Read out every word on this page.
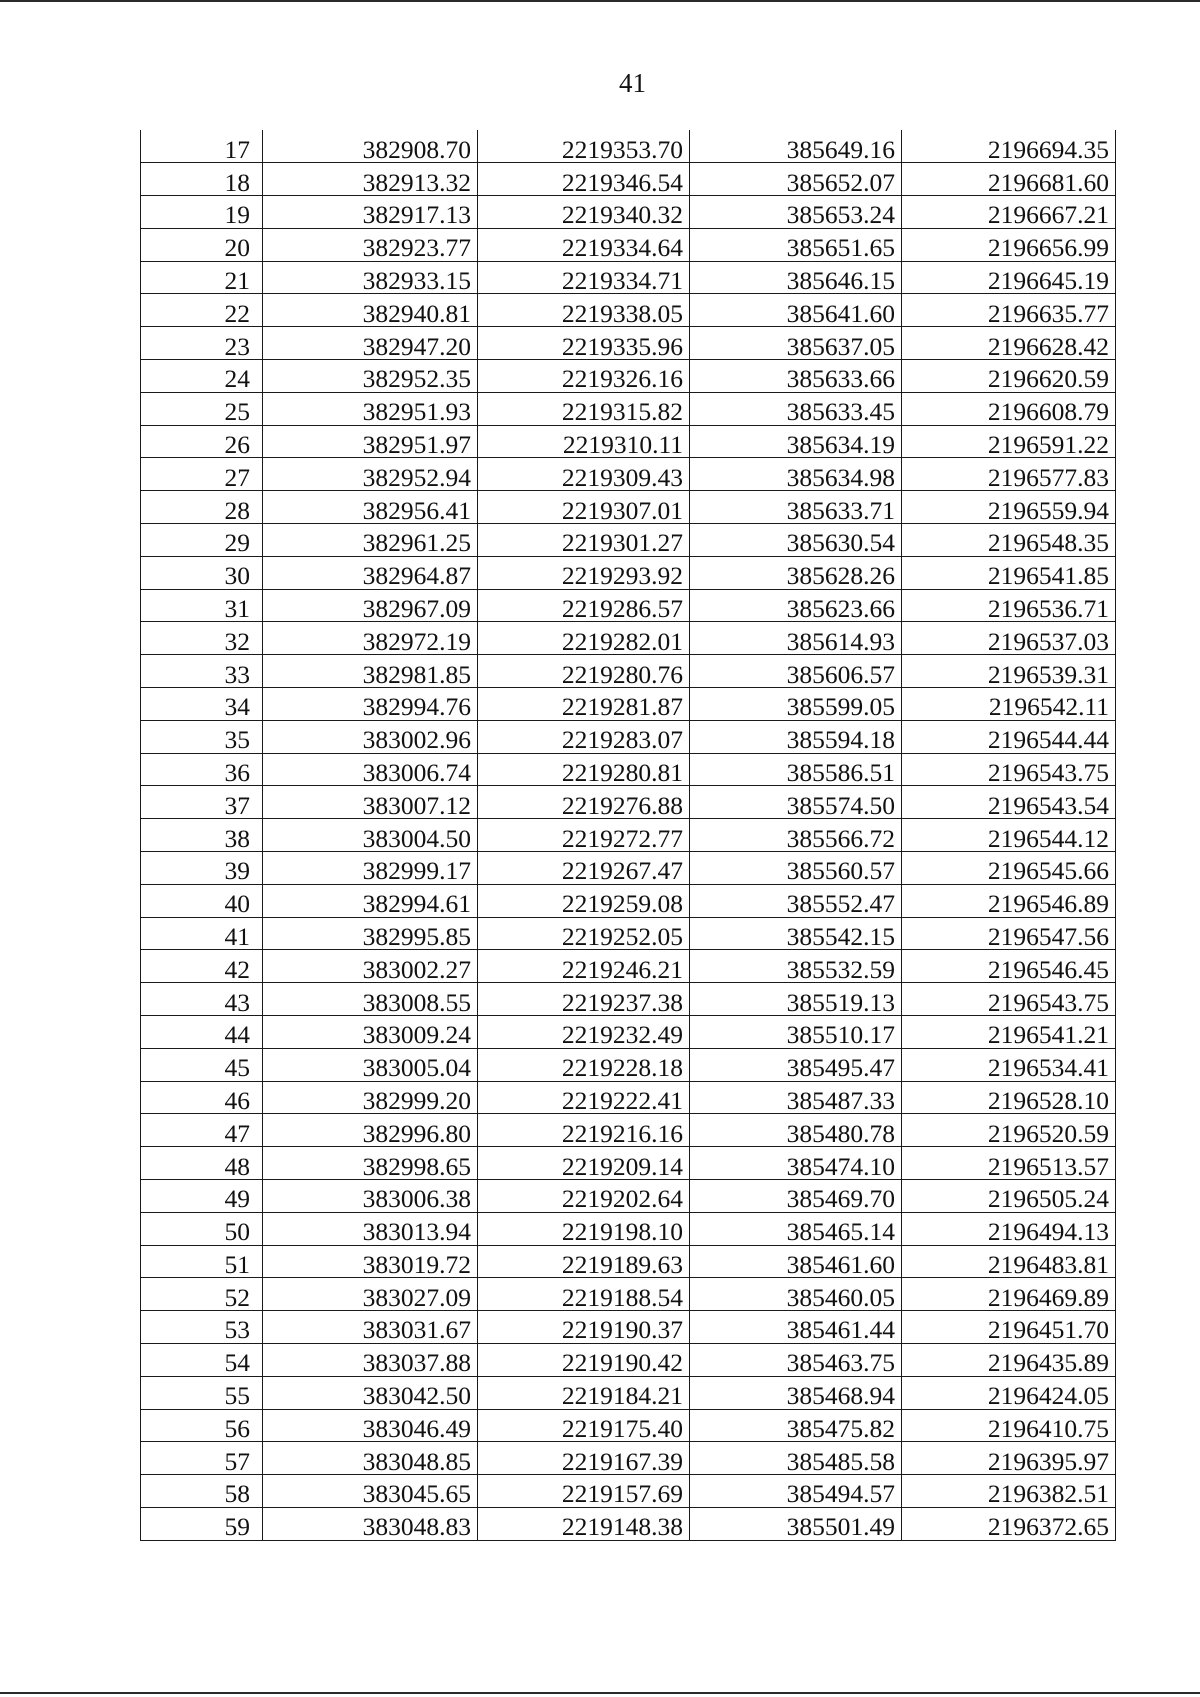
41
17	382908.70	2219353.70	385649.16	2196694.35
18	382913.32	2219346.54	385652.07	2196681.60
19	382917.13	2219340.32	385653.24	2196667.21
20	382923.77	2219334.64	385651.65	2196656.99
21	382933.15	2219334.71	385646.15	2196645.19
22	382940.81	2219338.05	385641.60	2196635.77
23	382947.20	2219335.96	385637.05	2196628.42
24	382952.35	2219326.16	385633.66	2196620.59
25	382951.93	2219315.82	385633.45	2196608.79
26	382951.97	2219310.11	385634.19	2196591.22
27	382952.94	2219309.43	385634.98	2196577.83
28	382956.41	2219307.01	385633.71	2196559.94
29	382961.25	2219301.27	385630.54	2196548.35
30	382964.87	2219293.92	385628.26	2196541.85
31	382967.09	2219286.57	385623.66	2196536.71
32	382972.19	2219282.01	385614.93	2196537.03
33	382981.85	2219280.76	385606.57	2196539.31
34	382994.76	2219281.87	385599.05	2196542.11
35	383002.96	2219283.07	385594.18	2196544.44
36	383006.74	2219280.81	385586.51	2196543.75
37	383007.12	2219276.88	385574.50	2196543.54
38	383004.50	2219272.77	385566.72	2196544.12
39	382999.17	2219267.47	385560.57	2196545.66
40	382994.61	2219259.08	385552.47	2196546.89
41	382995.85	2219252.05	385542.15	2196547.56
42	383002.27	2219246.21	385532.59	2196546.45
43	383008.55	2219237.38	385519.13	2196543.75
44	383009.24	2219232.49	385510.17	2196541.21
45	383005.04	2219228.18	385495.47	2196534.41
46	382999.20	2219222.41	385487.33	2196528.10
47	382996.80	2219216.16	385480.78	2196520.59
48	382998.65	2219209.14	385474.10	2196513.57
49	383006.38	2219202.64	385469.70	2196505.24
50	383013.94	2219198.10	385465.14	2196494.13
51	383019.72	2219189.63	385461.60	2196483.81
52	383027.09	2219188.54	385460.05	2196469.89
53	383031.67	2219190.37	385461.44	2196451.70
54	383037.88	2219190.42	385463.75	2196435.89
55	383042.50	2219184.21	385468.94	2196424.05
56	383046.49	2219175.40	385475.82	2196410.75
57	383048.85	2219167.39	385485.58	2196395.97
58	383045.65	2219157.69	385494.57	2196382.51
59	383048.83	2219148.38	385501.49	2196372.65
